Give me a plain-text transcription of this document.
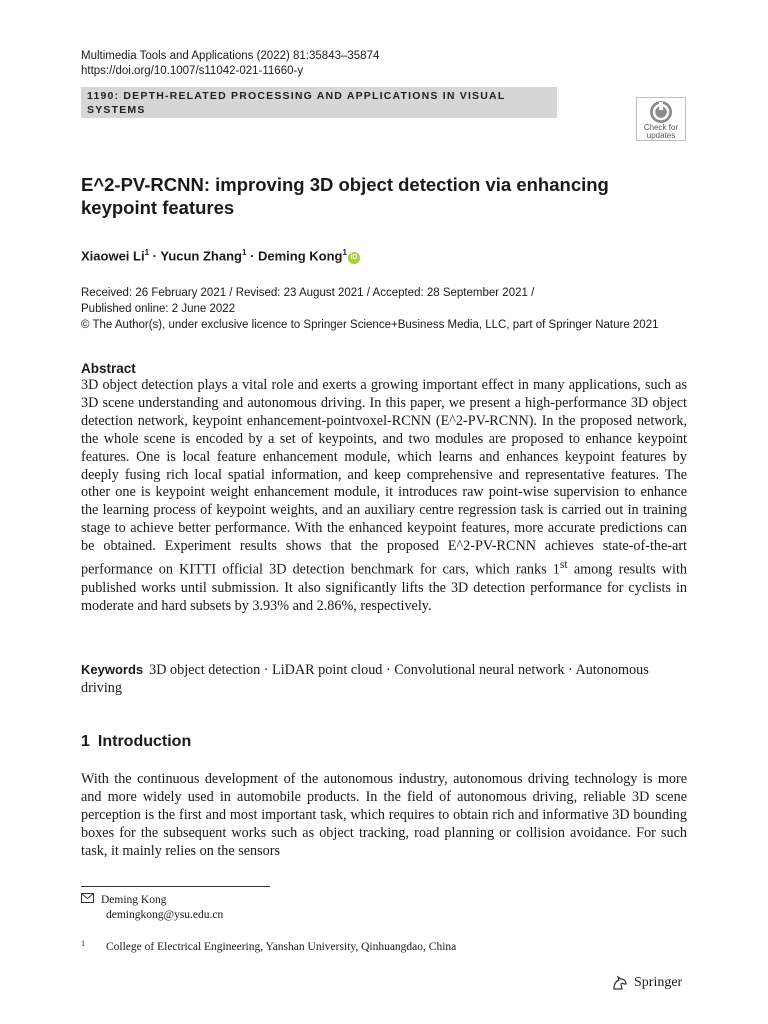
Multimedia Tools and Applications (2022) 81:35843–35874
https://doi.org/10.1007/s11042-021-11660-y
1190: DEPTH-RELATED PROCESSING AND APPLICATIONS IN VISUAL
SYSTEMS
Check for
updates
E^2-PV-RCNN: improving 3D object detection via enhancing keypoint features
Xiaowei $Li^1$ · Yucun Zhang$^1$ · Deming Kong$^1$iD
Received: 26 February 2021 / Revised: 23 August 2021 / Accepted: 28 September 2021 /
Published online: 2 June 2022
© The Author(s), under exclusive licence to Springer Science+Business Media, LLC, part of Springer Nature 2021
Abstract

3D object detection plays a vital role and exerts a growing important effect in many applications, such as 3D scene understanding and autonomous driving. In this paper, we present a high-performance 3D object detection network, keypoint enhancement-pointvoxel-RCNN (E^2-PV-RCNN). In the proposed network, the whole scene is encoded by a set of keypoints, and two modules are proposed to enhance keypoint features. One is local feature enhancement module, which learns and enhances keypoint features by deeply fusing rich local spatial information, and keep comprehensive and representative features. The other one is keypoint weight enhancement module, it introduces raw point-wise supervision to enhance the learning process of keypoint weights, and an auxiliary centre regression task is carried out in training stage to achieve better performance. With the enhanced keypoint features, more accurate predictions can be obtained. Experiment results shows that the proposed E^2-PV-RCNN achieves state-of-the-art performance on KITTI official 3D detection benchmark for cars, which ranks 1st among results with published works until submission. It also significantly lifts the 3D detection performance for cyclists in moderate and hard subsets by 3.93% and 2.86%, respectively.

Keywords 3D object detection · LiDAR point cloud · Convolutional neural network · Autonomous driving
1 Introduction

With the continuous development of the autonomous industry, autonomous driving technology is more and more widely used in automobile products. In the field of autonomous driving, reliable 3D scene perception is the first and most important task, which requires to obtain rich and informative 3D bounding boxes for the subsequent works such as object tracking, road planning or collision avoidance. For such task, it mainly relies on the sensors

Deming Kong
demingkong@ysu.edu.cn
1 College of Electrical Engineering, Yanshan University, Qinhuangdao, China
Springer
